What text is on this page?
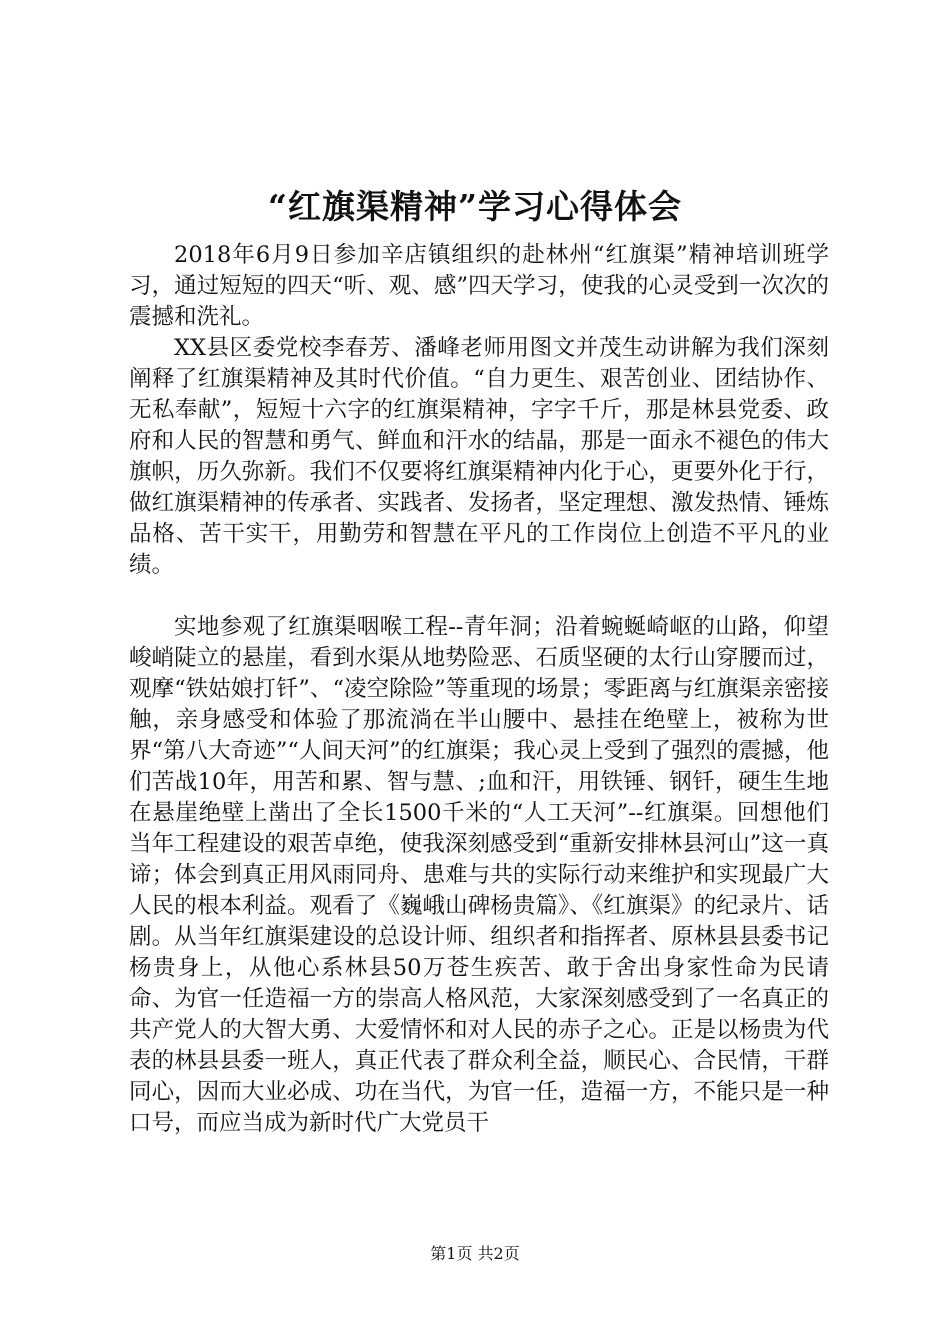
“红旗渠精神”学习心得体会

2018年6月9日参加辛店镇组织的赴林州“红旗渠”精神培训班学习，通过短短的四天“听、观、感”四天学习，使我的心灵受到一次次的震撼和洗礼。

XX县区委党校李春芳、潘峰老师用图文并茂生动讲解为我们深刻阐释了红旗渠精神及其时代价值。“自力更生、艰苦创业、团结协作、无私奉献”，短短十六字的红旗渠精神，字字千斤，那是林县党委、政府和人民的智慧和勇气、鲜血和汗水的结晶，那是一面永不褪色的伟大旗帜，历久弥新。我们不仅要将红旗渠精神内化于心，更要外化于行，做红旗渠精神的传承者、实践者、发扬者，坚定理想、激发热情、锤炼品格、苦干实干，用勤劳和智慧在平凡的工作岗位上创造不平凡的业绩。

实地参观了红旗渠咽喉工程--青年洞；沿着蜿蜒崎岖的山路，仰望峻峭陡立的悬崖，看到水渠从地势险恶、石质坚硬的太行山穿腰而过，观摩“铁姑娘打钎”、“凌空除险”等重现的场景；零距离与红旗渠亲密接触，亲身感受和体验了那流淌在半山腰中、悬挂在绝壁上，被称为世界“第八大奇迹”“人间天河”的红旗渠；我心灵上受到了强烈的震撼，他们苦战10年，用苦和累、智与慧、;血和汗，用铁锤、钢钎，硬生生地在悬崖绝壁上凿出了全长1500千米的“人工天河”--红旗渠。回想他们当年工程建设的艰苦卓绝，使我深刻感受到“重新安排林县河山”这一真谛；体会到真正用风雨同舟、患难与共的实际行动来维护和实现最广大人民的根本利益。观看了《巍峨山碑杨贵篇》、《红旗渠》的纪录片、话剧。从当年红旗渠建设的总设计师、组织者和指挥者、原林县县委书记杨贵身上，从他心系林县50万苍生疾苦、敢于舍出身家性命为民请命、为官一任造福一方的崇高人格风范，大家深刻感受到了一名真正的共产党人的大智大勇、大爱情怀和对人民的赤子之心。正是以杨贵为代表的林县县委一班人，真正代表了群众利全益，顺民心、合民情，干群同心，因而大业必成、功在当代，为官一任，造福一方，不能只是一种口号，而应当成为新时代广大党员干

第1页 共2页
